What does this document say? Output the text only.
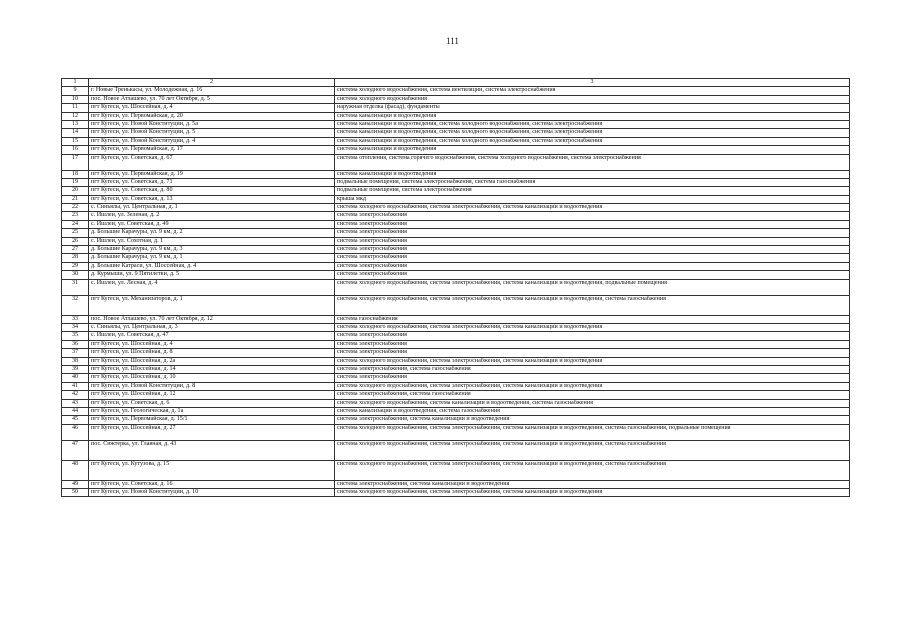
111
1	2	3
9	г. Новые Тренькасы, ул. Молодежная, д. 16	система холодного водоснабжения, система вентиляции, система электроснабжения
10	пос. Новое Атлашево, ул. 70 лет Октября, д. 5	система холодного водоснабжения
11	пгт Кугеси, ул. Шоссейная, д. 4	наружная отделка (фасад), фундаменты
12	пгт Кугеси, ул. Первомайская, д. 20	система канализации и водоотведения
13	пгт Кугеси, ул. Новой Конституции, д. 5а	система канализации и водоотведения, система холодного водоснабжения, система электроснабжения
14	пгт Кугеси, ул. Новой Конституции, д. 5	система канализации и водоотведения, система холодного водоснабжения, система электроснабжения
15	пгт Кугеси, ул. Новой Конституции, д. 4	система канализации и водоотведения, система холодного водоснабжения, система электроснабжения
16	пгт Кугеси, ул. Первомайская, д. 17	система канализации и водоотведения
17	пгт Кугеси, ул. Советская, д. 67	система отопления, система горячего водоснабжения, система холодного водоснабжения, система электроснабжения
18	пгт Кугеси, ул. Первомайская, д. 19	система канализации и водоотведения
19	пгт Кугеси, ул. Советская, д. 71	подвальные помещения, система электроснабжения, система газоснабжения
20	пгт Кугеси, ул. Советская, д. 80	подвальные помещения, система электроснабжения
21	пгт Кугеси, ул. Советская, д. 13	крыша мкд
22	с. Синьялы, ул. Центральная, д. 1	система холодного водоснабжения, система электроснабжения, система канализации и водоотведения
23	с. Ишлеи, ул. Зеленая, д. 2	система электроснабжения
24	с. Ишлеи, ул. Советская, д. 49	система электроснабжения
25	д. Большие Карачуры, ул. 9 км, д. 2	система электроснабжения
26	с. Ишлеи, ул. Сохотная, д. 1	система электроснабжения
27	д. Большие Карачуры, ул. 9 км, д. 3	система электроснабжения
28	д. Большие Карачуры, ул. 9 км, д. 1	система электроснабжения
29	д. Большие Катраси, ул. Шоссейная, д. 4	система электроснабжения
30	д. Курмыши, ул. 9 Пятилетки, д. 5	система электроснабжения
31	с. Ишлеи, ул. Лесная, д. 4	система холодного водоснабжения, система электроснабжения, система канализации и водоотведения, подвальные помещения
32	пгт Кугеси, ул. Механизаторов, д. 1	система холодного водоснабжения, система электроснабжения, система канализации и водоотведения, система газоснабжения
33	пос. Новое Атлашево, ул. 70 лет Октября, д. 12	система газоснабжения
34	с. Синьялы, ул. Центральная, д. 3	система холодного водоснабжения, система электроснабжения, система канализации и водоотведения
35	с. Ишлеи, ул. Советская, д. 47	система электроснабжения
36	пгт Кугеси, ул. Шоссейная, д. 4	система электроснабжения
37	пгт Кугеси, ул. Шоссейная, д. 8	система электроснабжения
38	пгт Кугеси, ул. Шоссейная, д. 2а	система холодного водоснабжения, система электроснабжения, система канализации и водоотведения
39	пгт Кугеси, ул. Шоссейная, д. 14	система электроснабжения, система газоснабжения
40	пгт Кугеси, ул. Шоссейная, д. 10	система электроснабжения
41	пгт Кугеси, ул. Новой Конституции, д. 8	система холодного водоснабжения, система электроснабжения, система канализации и водоотведения
42	пгт Кугеси, ул. Шоссейная, д. 12	система электроснабжения, система газоснабжения
43	пгт Кугеси, ул. Советская, д. 6	система холодного водоснабжения, система канализации и водоотведения, система газоснабжения
44	пгт Кугеси, ул. Геологическая, д. 1а	система канализации и водоотведения, система газоснабжения
45	пгт Кугеси, ул. Первомайская, д. 15/1	система электроснабжения, система канализации и водоотведения
46	пгт Кугеси, ул. Шоссейная, д. 27	система холодного водоснабжения, система электроснабжения, система канализации и водоотведения, система газоснабжения, подвальные помещения
47	пос. Сюктерка, ул. Главная, д. 43	система холодного водоснабжения, система электроснабжения, система канализации и водоотведения, система газоснабжения
48	пгт Кугеси, ул. Кутузова, д. 15	система холодного водоснабжения, система электроснабжения, система канализации и водоотведения, система газоснабжения
49	пгт Кугеси, ул. Советская, д. 16	система электроснабжения, система канализации и водоотведения
50	пгт Кугеси, ул. Новой Конституции, д. 10	система холодного водоснабжения, система электроснабжения, система канализации и водоотведения
